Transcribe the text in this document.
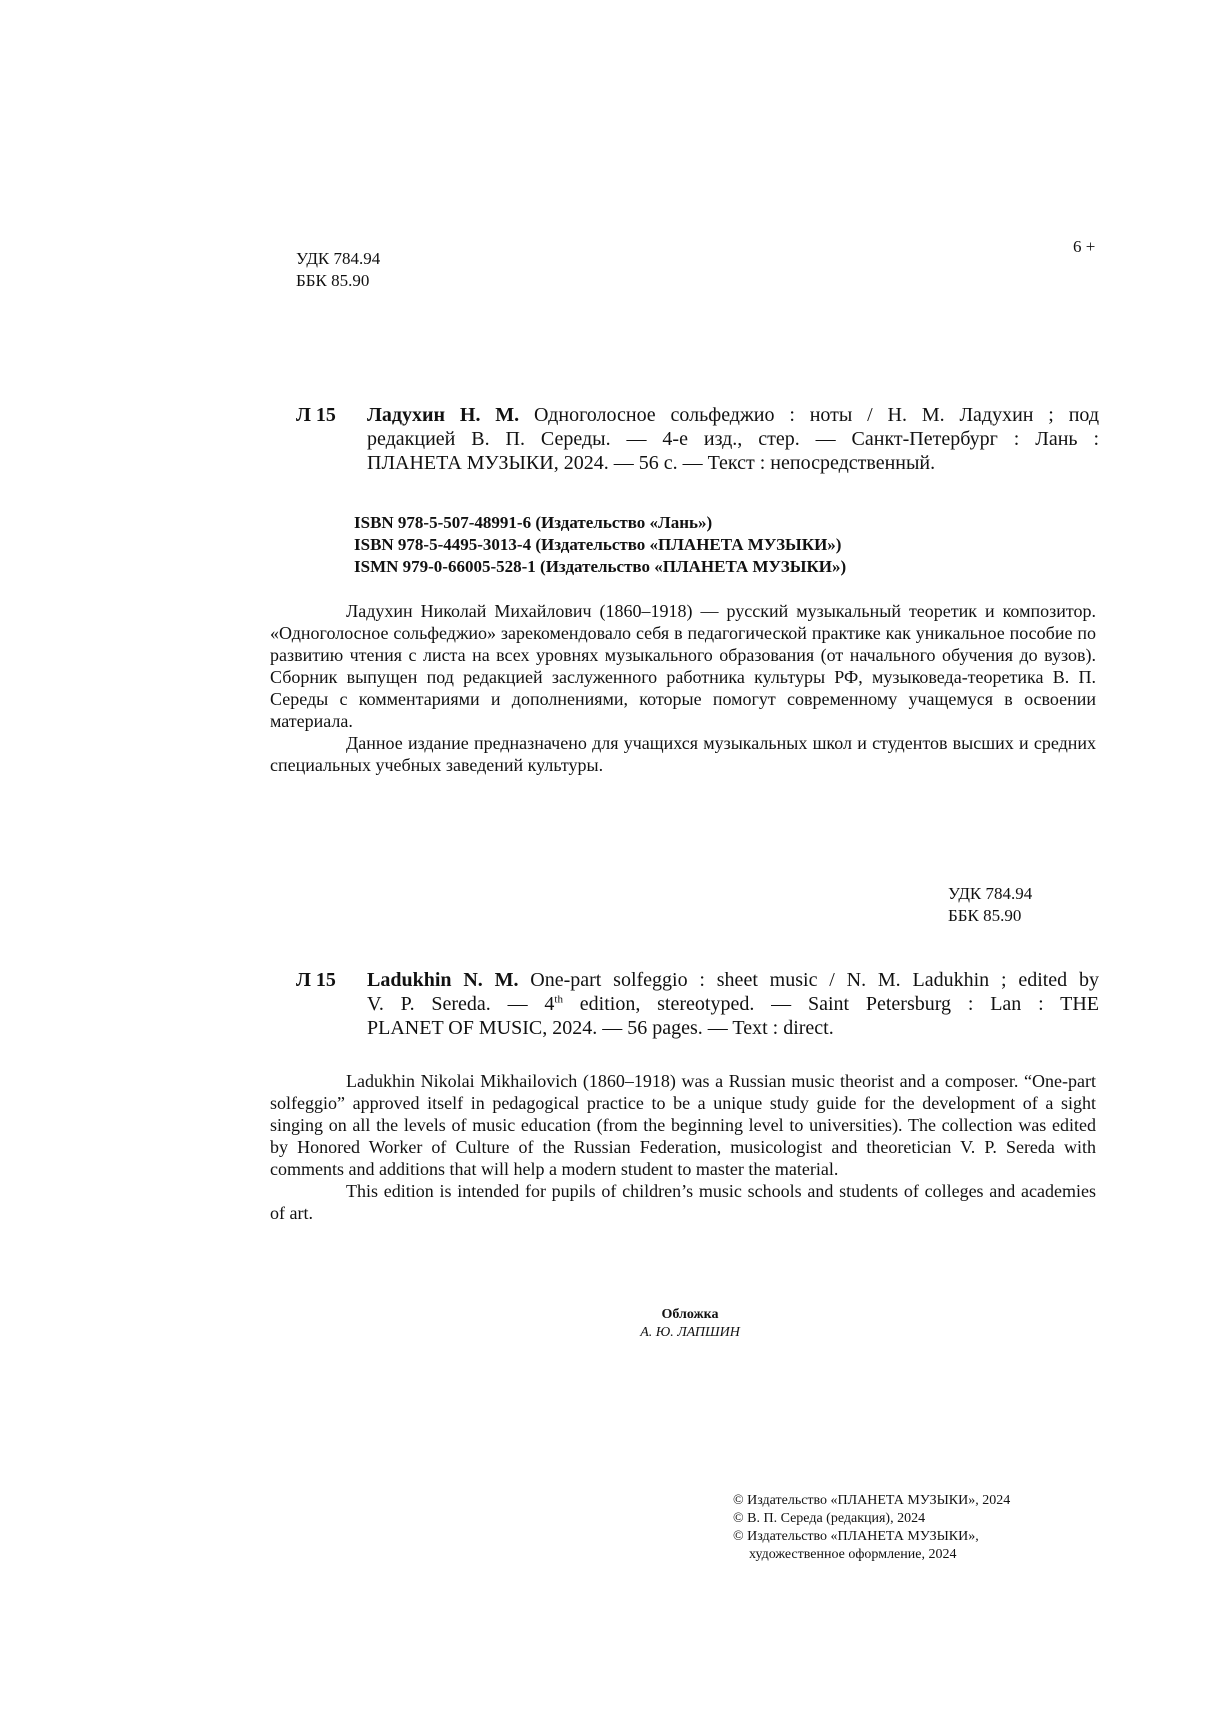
УДК 784.94
ББК 85.90
6 +
Л 15 Ладухин Н. М. Одноголосное сольфеджио : ноты / Н. М. Ладухин ; под
редакцией В. П. Середы. — 4-е изд., стер. — Санкт-Петербург : Лань :
ПЛАНЕТА МУЗЫКИ, 2024. — 56 с. — Текст : непосредственный.
ISBN 978-5-507-48991-6 (Издательство «Лань»)
ISBN 978-5-4495-3013-4 (Издательство «ПЛАНЕТА МУЗЫКИ»)
ISMN 979-0-66005-528-1 (Издательство «ПЛАНЕТА МУЗЫКИ»)

Ладухин Николай Михайлович (1860–1918) — русский музыкальный теоретик и композитор. «Одноголосное сольфеджио» зарекомендовало себя в педагогической практике как уникальное пособие по развитию чтения с листа на всех уровнях музыкального образования (от начального обучения до вузов). Сборник выпущен под редакцией заслуженного работника культуры РФ, музыковеда-теоретика В. П. Середы с комментариями и дополнениями, которые помогут современному учащемуся в освоении материала.

Данное издание предназначено для учащихся музыкальных школ и студентов высших и средних специальных учебных заведений культуры.

УДК 784.94
ББК 85.90
Л 15 Ladukhin N. M. One-part solfeggio : sheet music / N. M. Ladukhin ; edited by
V. P. Sereda. — 4th edition, stereotyped. — Saint Petersburg : Lan : THE
PLANET OF MUSIC, 2024. — 56 pages. — Text : direct.

Ladukhin Nikolai Mikhailovich (1860–1918) was a Russian music theorist and a composer. “One-part solfeggio” approved itself in pedagogical practice to be a unique study guide for the development of a sight singing on all the levels of music education (from the beginning level to universities). The collection was edited by Honored Worker of Culture of the Russian Federation, musicologist and theoretician V. P. Sereda with comments and additions that will help a modern student to master the material.

This edition is intended for pupils of children’s music schools and students of colleges and academies of art.

Обложка
А. Ю. ЛАПШИН
© Издательство «ПЛАНЕТА МУЗЫКИ», 2024
© В. П. Середа (редакция), 2024
© Издательство «ПЛАНЕТА МУЗЫКИ»,
художественное оформление, 2024
